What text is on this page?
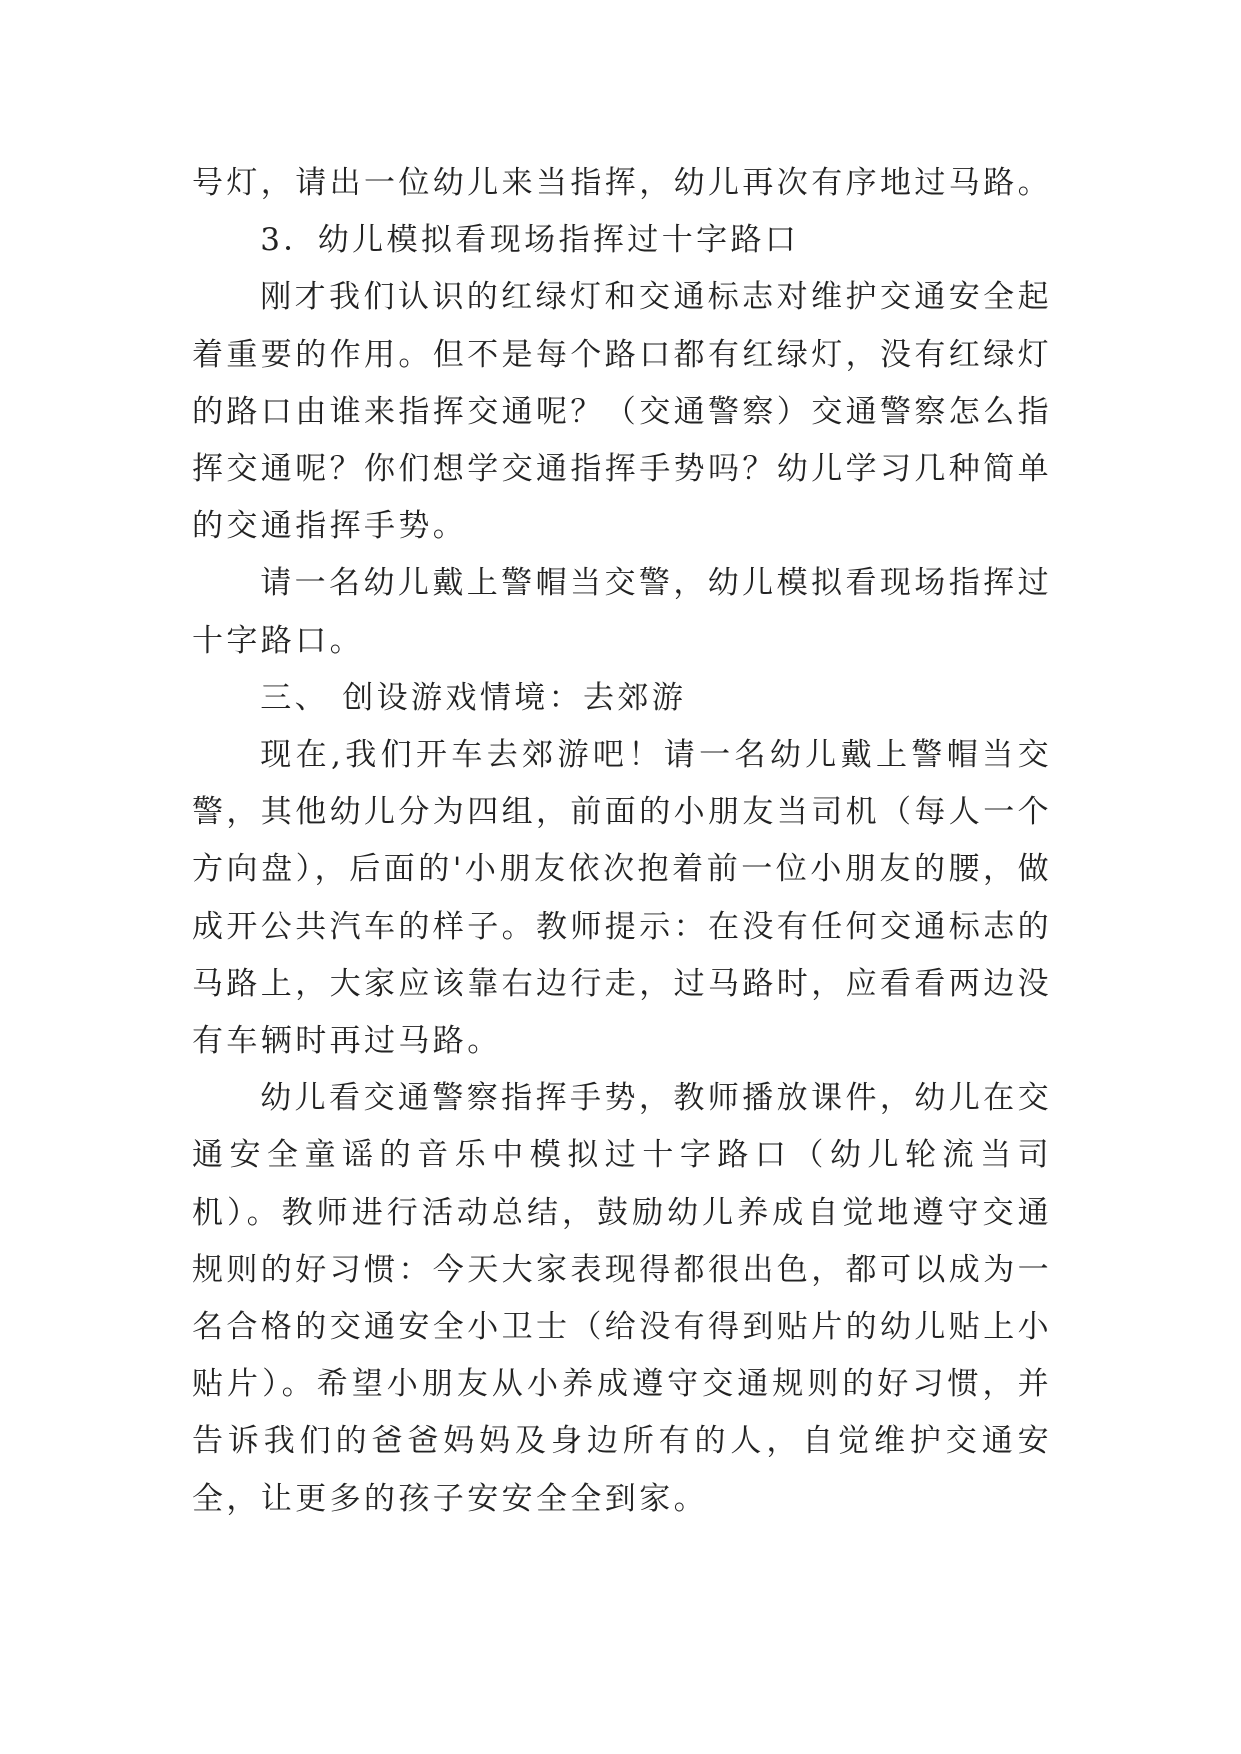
号灯，请出一位幼儿来当指挥，幼儿再次有序地过马路。

3．幼儿模拟看现场指挥过十字路口

刚才我们认识的红绿灯和交通标志对维护交通安全起着重要的作用。但不是每个路口都有红绿灯，没有红绿灯的路口由谁来指挥交通呢？（交通警察）交通警察怎么指挥交通呢？你们想学交通指挥手势吗？幼儿学习几种简单的交通指挥手势。

请一名幼儿戴上警帽当交警，幼儿模拟看现场指挥过十字路口。

三、 创设游戏情境：去郊游

现在,我们开车去郊游吧！请一名幼儿戴上警帽当交警，其他幼儿分为四组，前面的小朋友当司机（每人一个方向盘），后面的'小朋友依次抱着前一位小朋友的腰，做成开公共汽车的样子。教师提示：在没有任何交通标志的马路上，大家应该靠右边行走，过马路时，应看看两边没有车辆时再过马路。

幼儿看交通警察指挥手势，教师播放课件，幼儿在交通安全童谣的音乐中模拟过十字路口（幼儿轮流当司机）。教师进行活动总结，鼓励幼儿养成自觉地遵守交通规则的好习惯：今天大家表现得都很出色，都可以成为一名合格的交通安全小卫士（给没有得到贴片的幼儿贴上小贴片）。希望小朋友从小养成遵守交通规则的好习惯，并告诉我们的爸爸妈妈及身边所有的人，自觉维护交通安全，让更多的孩子安安全全到家。
